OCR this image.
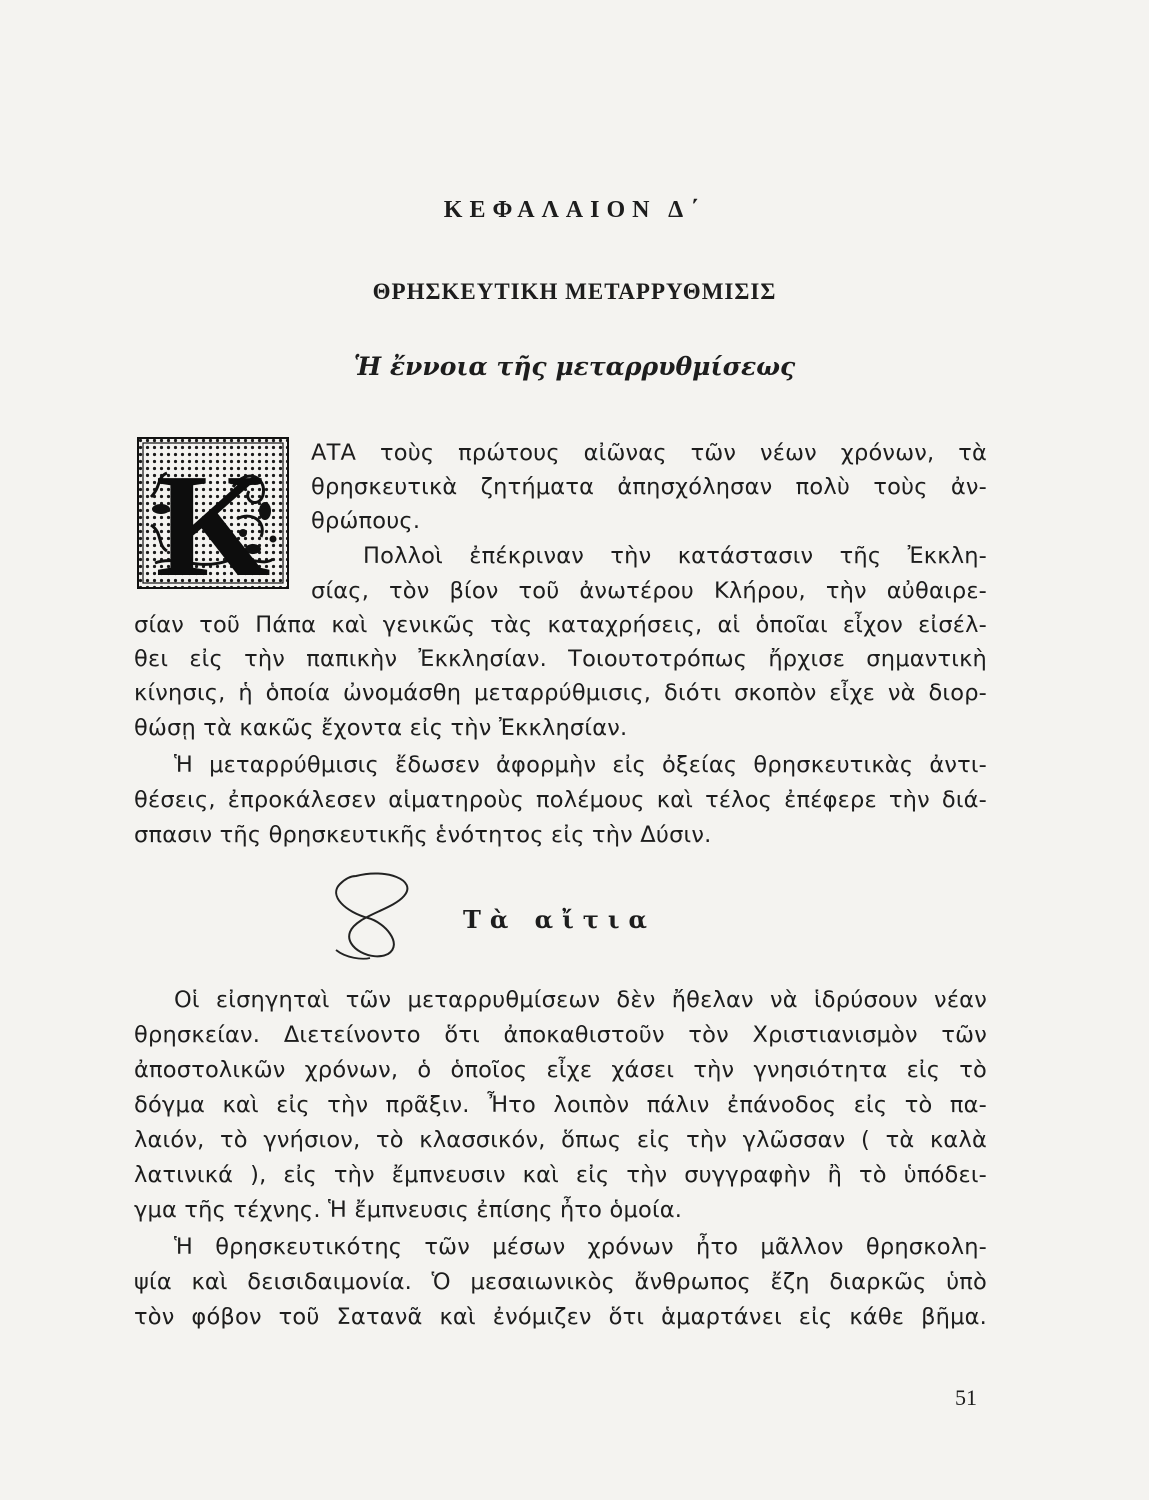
ΚΕΦΑΛΑΙΟΝ Δ΄
ΘΡΗΣΚΕΥΤΙΚΗ ΜΕΤΑΡΡΥΘΜΙΣΙΣ
Ἡ ἔννοια τῆς μεταρρυθμίσεως
Κ ΑΤΑ τοὺς πρώτους αἰῶνας τῶν νέων χρόνων, τὰ
θρησκευτικὰ ζητήματα ἀπησχόλησαν πολὺ τοὺς ἀν-
θρώπους.
Πολλοὶ ἐπέκριναν τὴν κατάστασιν τῆς Ἐκκλη-
σίας, τὸν βίον τοῦ ἀνωτέρου Κλήρου, τὴν αὐθαιρε-
σίαν τοῦ Πάπα καὶ γενικῶς τὰς καταχρήσεις, αἱ ὁποῖαι εἶχον εἰσέλ-
θει εἰς τὴν παπικὴν Ἐκκλησίαν. Τοιουτοτρόπως ἤρχισε σημαντικὴ
κίνησις, ἡ ὁποία ὠνομάσθη μεταρρύθμισις, διότι σκοπὸν εἶχε νὰ διορ-
θώσῃ τὰ κακῶς ἔχοντα εἰς τὴν Ἐκκλησίαν.
Ἡ μεταρρύθμισις ἔδωσεν ἀφορμὴν εἰς ὀξείας θρησκευτικὰς ἀντι-
θέσεις, ἐπροκάλεσεν αἱματηροὺς πολέμους καὶ τέλος ἐπέφερε τὴν διά-
σπασιν τῆς θρησκευτικῆς ἑνότητος εἰς τὴν Δύσιν.
Τὰ αἴτια
Οἱ εἰσηγηταὶ τῶν μεταρρυθμίσεων δὲν ἤθελαν νὰ ἱδρύσουν νέαν
θρησκείαν. Διετείνοντο ὅτι ἀποκαθιστοῦν τὸν Χριστιανισμὸν τῶν
ἀποστολικῶν χρόνων, ὁ ὁποῖος εἶχε χάσει τὴν γνησιότητα εἰς τὸ
δόγμα καὶ εἰς τὴν πρᾶξιν. Ἦτο λοιπὸν πάλιν ἐπάνοδος εἰς τὸ πα-
λαιόν, τὸ γνήσιον, τὸ κλασσικόν, ὅπως εἰς τὴν γλῶσσαν ( τὰ καλὰ
λατινικά ), εἰς τὴν ἔμπνευσιν καὶ εἰς τὴν συγγραφὴν ἢ τὸ ὑπόδει-
γμα τῆς τέχνης. Ἡ ἔμπνευσις ἐπίσης ἦτο ὁμοία.
Ἡ θρησκευτικότης τῶν μέσων χρόνων ἦτο μᾶλλον θρησκολη-
ψία καὶ δεισιδαιμονία. Ὁ μεσαιωνικὸς ἄνθρωπος ἔζη διαρκῶς ὑπὸ
τὸν φόβον τοῦ Σατανᾶ καὶ ἐνόμιζεν ὅτι ἁμαρτάνει εἰς κάθε βῆμα.
51
